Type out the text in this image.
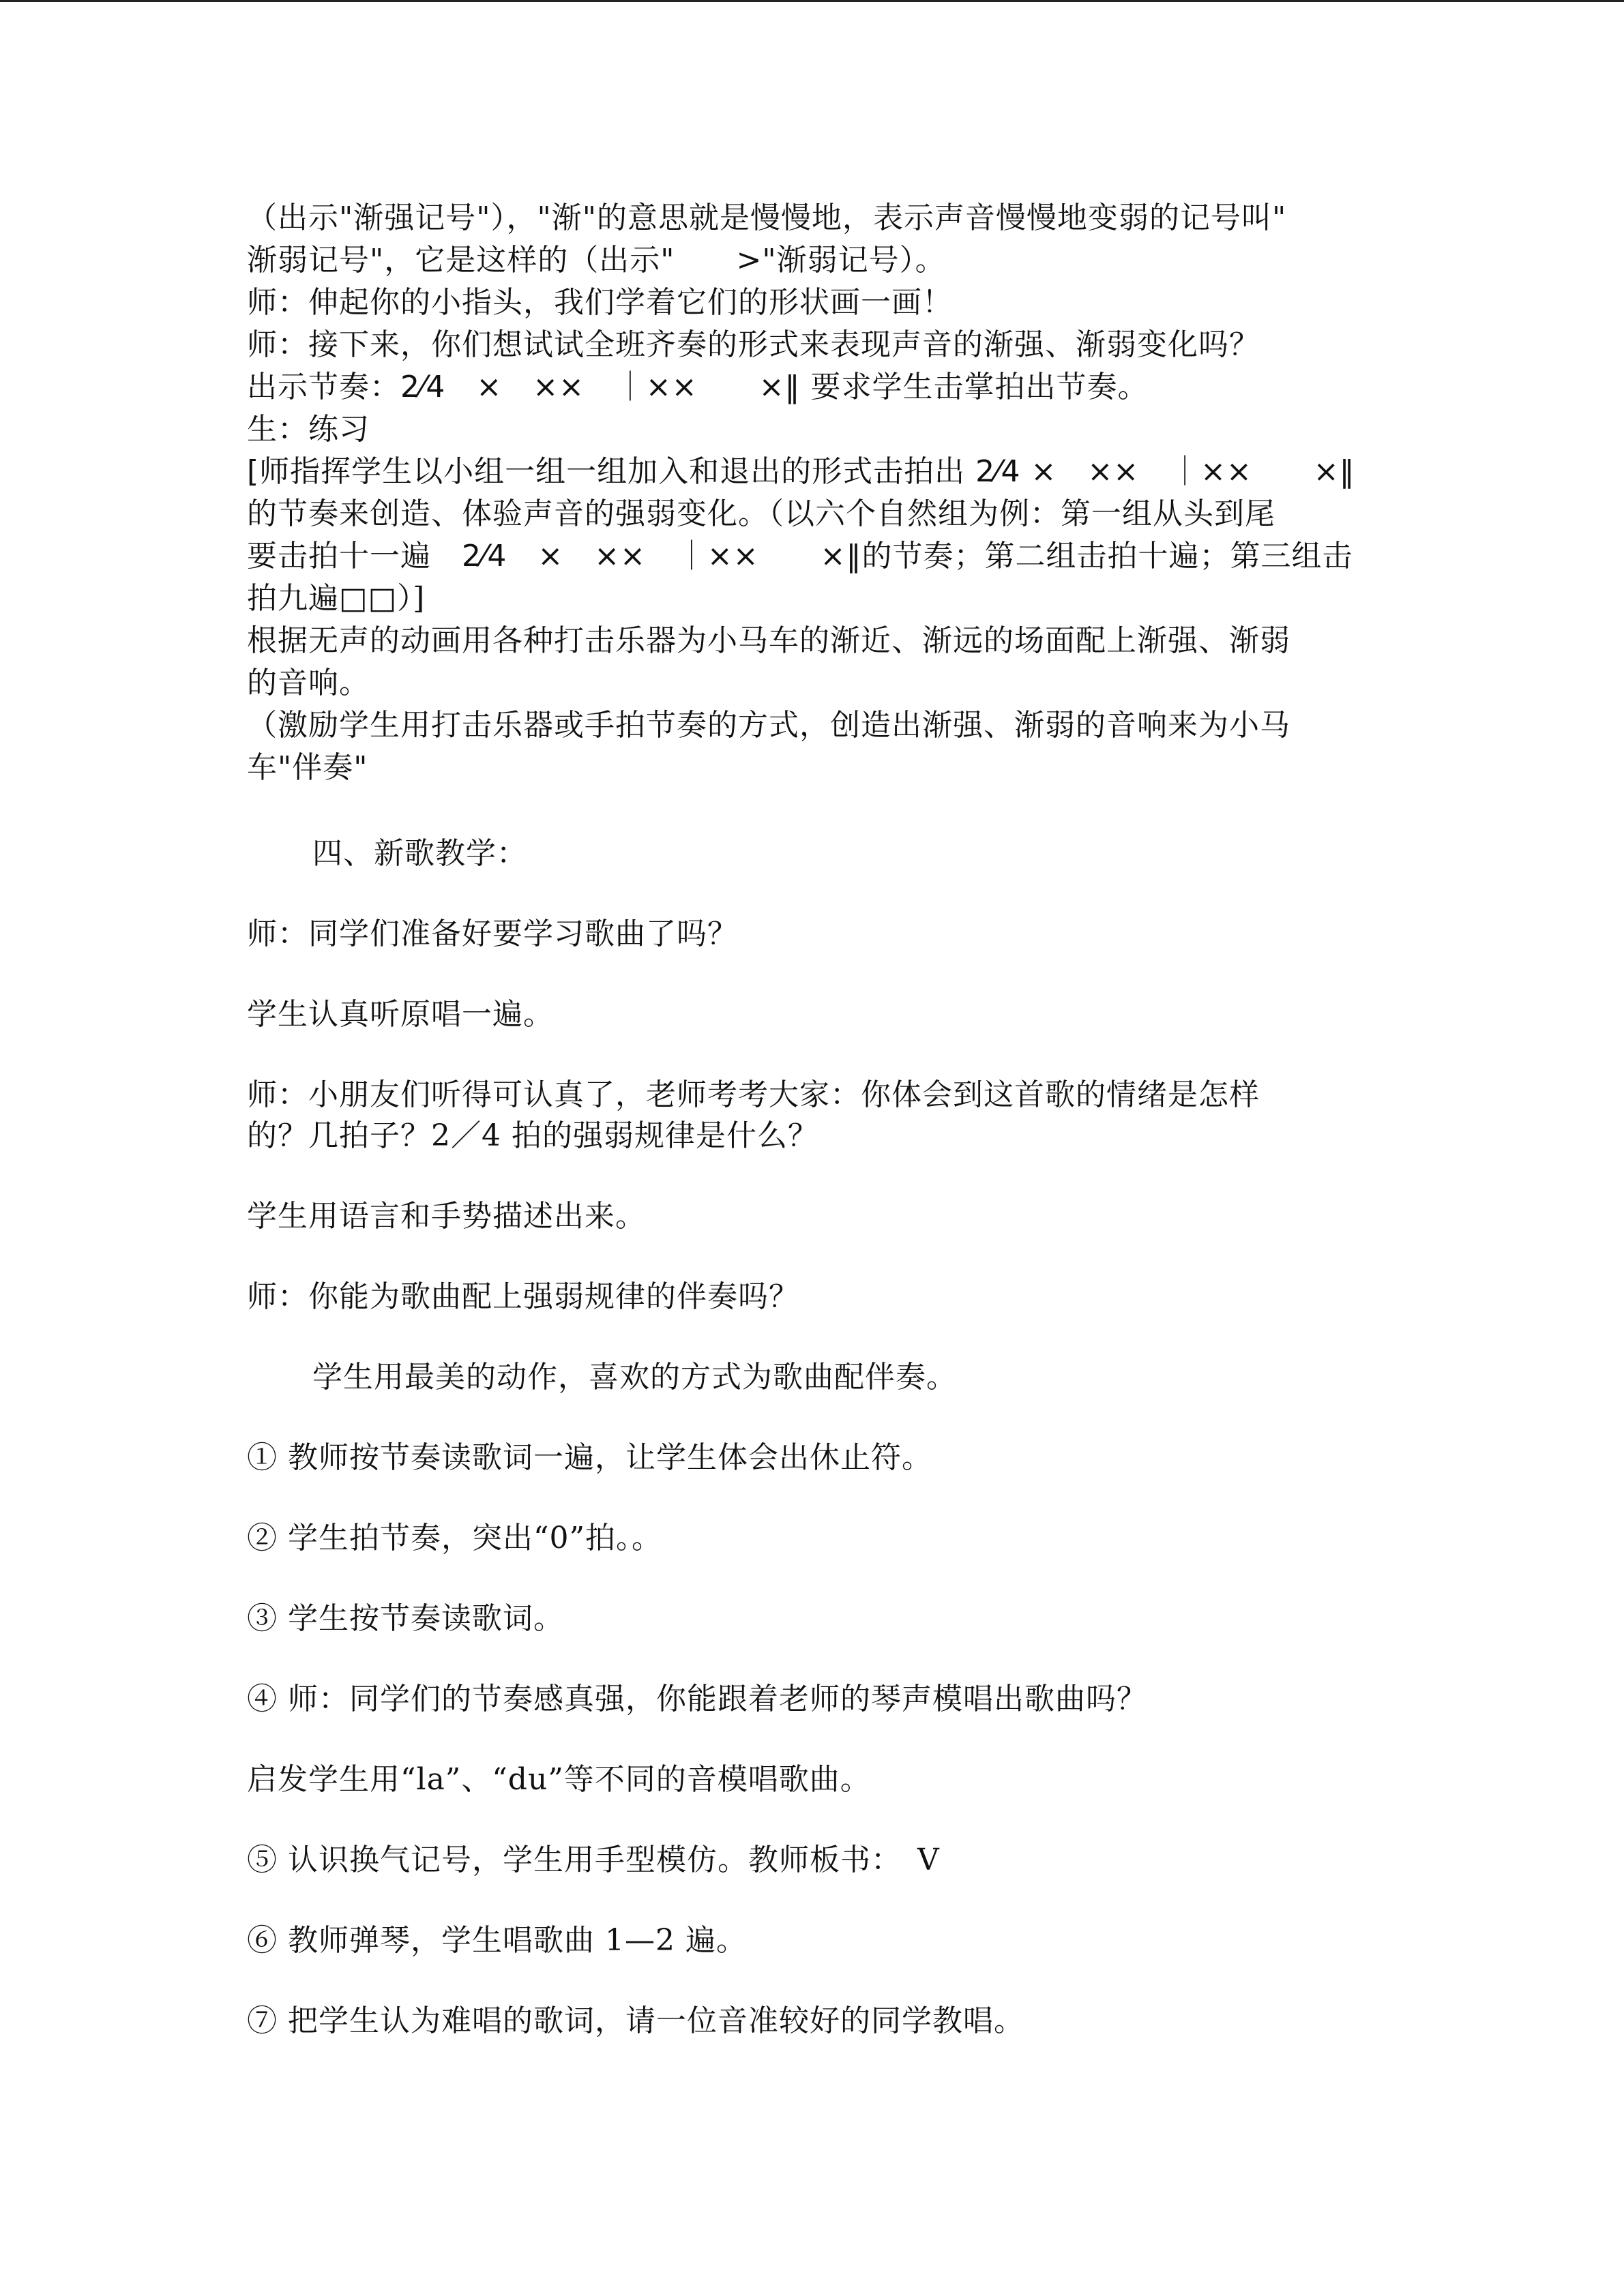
（出示"渐强记号"），"渐"的意思就是慢慢地，表示声音慢慢地变弱的记号叫"
渐弱记号"，它是这样的（出示"　　>"渐弱记号）。
师：伸起你的小指头，我们学着它们的形状画一画！
师：接下来，你们想试试全班齐奏的形式来表现声音的渐强、渐弱变化吗？
出示节奏：2⁄4　×　××　｜××　　×‖ 要求学生击掌拍出节奏。
生：练习
[师指挥学生以小组一组一组加入和退出的形式击拍出 2⁄4 ×　××　｜××　　×‖
的节奏来创造、体验声音的强弱变化。（以六个自然组为例：第一组从头到尾
要击拍十一遍　2⁄4　×　××　｜××　　×‖的节奏；第二组击拍十遍；第三组击
拍九遍□□）]
根据无声的动画用各种打击乐器为小马车的渐近、渐远的场面配上渐强、渐弱
的音响。
（激励学生用打击乐器或手拍节奏的方式，创造出渐强、渐弱的音响来为小马
车"伴奏"
四、新歌教学：
师：同学们准备好要学习歌曲了吗？
学生认真听原唱一遍。
师：小朋友们听得可认真了，老师考考大家：你体会到这首歌的情绪是怎样
的？几拍子？2／4 拍的强弱规律是什么？
学生用语言和手势描述出来。
师：你能为歌曲配上强弱规律的伴奏吗？
学生用最美的动作，喜欢的方式为歌曲配伴奏。
① 教师按节奏读歌词一遍，让学生体会出休止符。
② 学生拍节奏，突出“0”拍。。
③ 学生按节奏读歌词。
④ 师：同学们的节奏感真强，你能跟着老师的琴声模唱出歌曲吗？
启发学生用“la”、“du”等不同的音模唱歌曲。
⑤ 认识换气记号，学生用手型模仿。教师板书：　V
⑥ 教师弹琴，学生唱歌曲 1—2 遍。
⑦ 把学生认为难唱的歌词，请一位音准较好的同学教唱。
